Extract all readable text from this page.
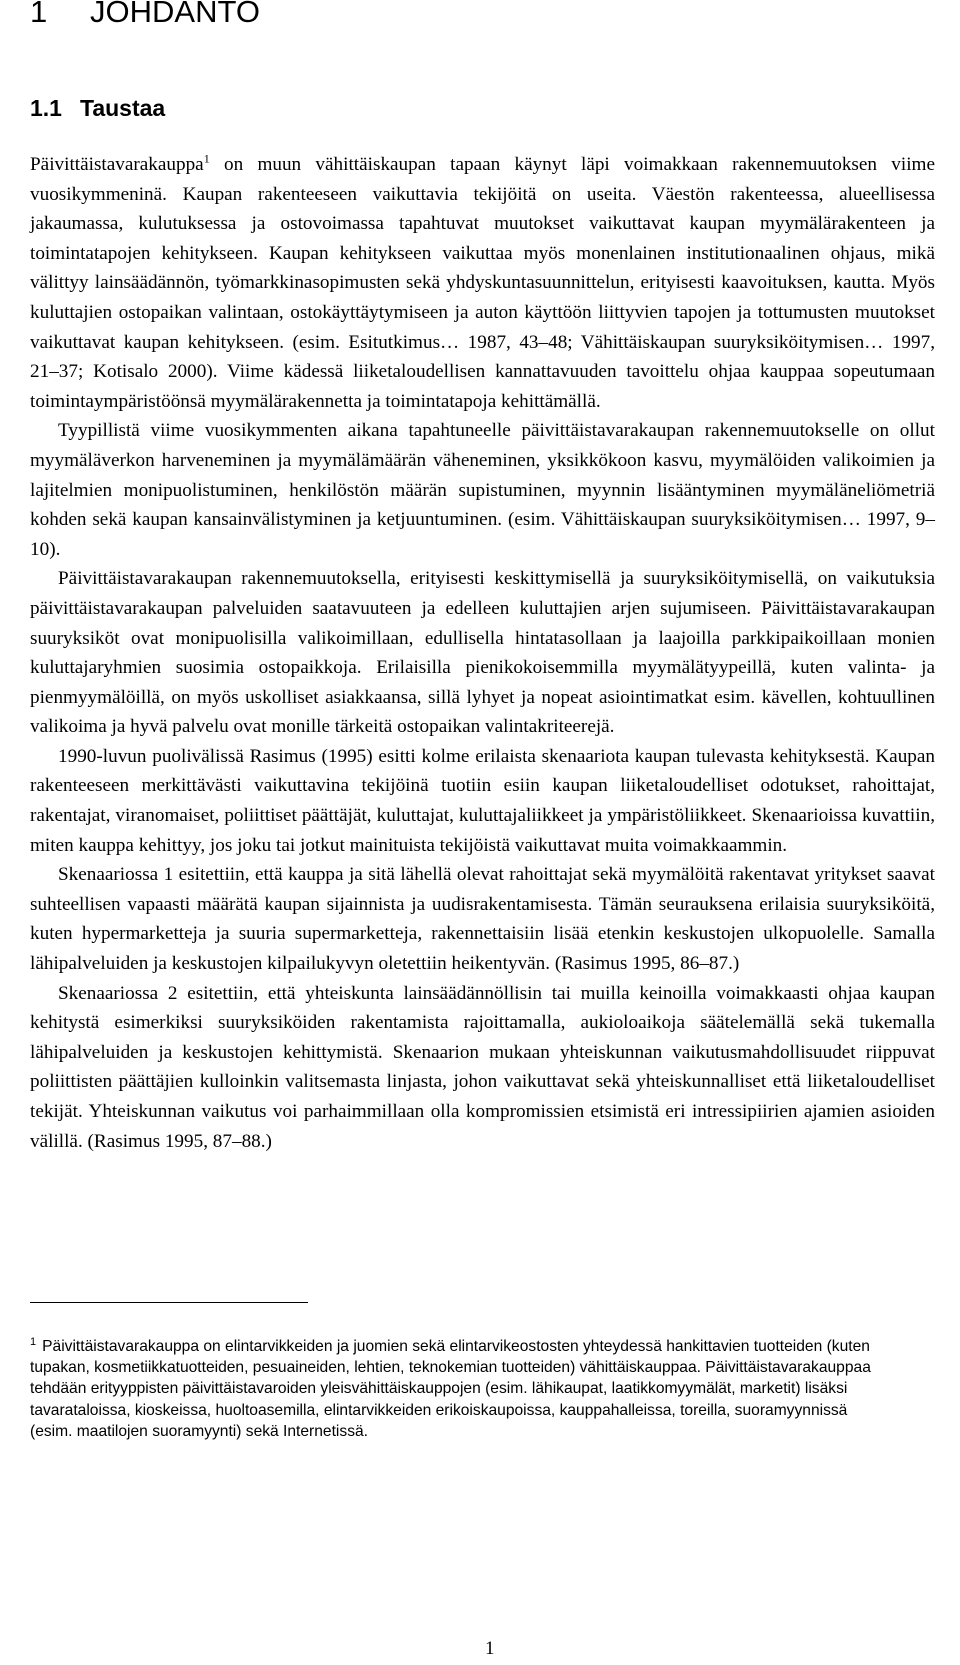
1 JOHDANTO
1.1 Taustaa

Päivittäistavarakauppa$^1$ on muun vähittäiskaupan tapaan käynyt läpi voimakkaan rakennemuutoksen viime vuosikymmeninä. Kaupan rakenteeseen vaikuttavia tekijöitä on useita. Väestön rakenteessa, alueellisessa jakaumassa, kulutuksessa ja ostovoimassa tapahtuvat muutokset vaikuttavat kaupan myymälärakenteen ja toimintatapojen kehitykseen. Kaupan kehitykseen vaikuttaa myös monenlainen institutionaalinen ohjaus, mikä välittyy lainsäädännön, työmarkkinasopimusten sekä yhdyskuntasuunnittelun, erityisesti kaavoituksen, kautta. Myös kuluttajien ostopaikan valintaan, ostokäyttäytymiseen ja auton käyttöön liittyvien tapojen ja tottumusten muutokset vaikuttavat kaupan kehitykseen. (esim. Esitutkimus… 1987, 43–48; Vähittäiskaupan suuryksiköitymisen… 1997, 21–37; Kotisalo 2000). Viime kädessä liiketaloudellisen kannattavuuden tavoittelu ohjaa kauppaa sopeutumaan toimintaympäristöönsä myymälärakennetta ja toimintatapoja kehittämällä.

Tyypillistä viime vuosikymmenten aikana tapahtuneelle päivittäistavarakaupan rakennemuutokselle on ollut myymäläverkon harveneminen ja myymälämäärän väheneminen, yksikkökoon kasvu, myymälöiden valikoimien ja lajitelmien monipuolistuminen, henkilöstön määrän supistuminen, myynnin lisääntyminen myymäläneliömetriä kohden sekä kaupan kansainvälistyminen ja ketjuuntuminen. (esim. Vähittäiskaupan suuryksiköitymisen… 1997, 9–10).

Päivittäistavarakaupan rakennemuutoksella, erityisesti keskittymisellä ja suuryksiköitymisellä, on vaikutuksia päivittäistavarakaupan palveluiden saatavuuteen ja edelleen kuluttajien arjen sujumiseen. Päivittäistavarakaupan suuryksiköt ovat monipuolisilla valikoimillaan, edullisella hintatasollaan ja laajoilla parkkipaikoillaan monien kuluttajaryhmien suosimia ostopaikkoja. Erilaisilla pienikokoisemmilla myymälätyypeillä, kuten valinta- ja pienmyymälöillä, on myös uskolliset asiakkaansa, sillä lyhyet ja nopeat asiointimatkat esim. kävellen, kohtuullinen valikoima ja hyvä palvelu ovat monille tärkeitä ostopaikan valintakriteerejä.

1990-luvun puolivälissä Rasimus (1995) esitti kolme erilaista skenaariota kaupan tulevasta kehityksestä. Kaupan rakenteeseen merkittävästi vaikuttavina tekijöinä tuotiin esiin kaupan liiketaloudelliset odotukset, rahoittajat, rakentajat, viranomaiset, poliittiset päättäjät, kuluttajat, kuluttajaliikkeet ja ympäristöliikkeet. Skenaarioissa kuvattiin, miten kauppa kehittyy, jos joku tai jotkut mainituista tekijöistä vaikuttavat muita voimakkaammin.

Skenaariossa 1 esitettiin, että kauppa ja sitä lähellä olevat rahoittajat sekä myymälöitä rakentavat yritykset saavat suhteellisen vapaasti määrätä kaupan sijainnista ja uudisrakentamisesta. Tämän seurauksena erilaisia suuryksiköitä, kuten hypermarketteja ja suuria supermarketteja, rakennettaisiin lisää etenkin keskustojen ulkopuolelle. Samalla lähipalveluiden ja keskustojen kilpailukyvyn oletettiin heikentyvän. (Rasimus 1995, 86–87.)

Skenaariossa 2 esitettiin, että yhteiskunta lainsäädännöllisin tai muilla keinoilla voimakkaasti ohjaa kaupan kehitystä esimerkiksi suuryksiköiden rakentamista rajoittamalla, aukioloaikoja säätelemällä sekä tukemalla lähipalveluiden ja keskustojen kehittymistä. Skenaarion mukaan yhteiskunnan vaikutusmahdollisuudet riippuvat poliittisten päättäjien kulloinkin valitsemasta linjasta, johon vaikuttavat sekä yhteiskunnalliset että liiketaloudelliset tekijät. Yhteiskunnan vaikutus voi parhaimmillaan olla kompromissien etsimistä eri intressipiirien ajamien asioiden välillä. (Rasimus 1995, 87–88.)

$^1$ Päivittäistavarakauppa on elintarvikkeiden ja juomien sekä elintarvikeostosten yhteydessä hankittavien tuotteiden (kuten tupakan, kosmetiikkatuotteiden, pesuaineiden, lehtien, teknokemian tuotteiden) vähittäiskauppaa. Päivittäistavarakauppaa tehdään erityyppisten päivittäistavaroiden yleisvähittäiskauppojen (esim. lähikaupat, laatikkomyymälät, marketit) lisäksi tavarataloissa, kioskeissa, huoltoasemilla, elintarvikkeiden erikoiskaupoissa, kauppahalleissa, toreilla, suoramyynnissä (esim. maatilojen suoramyynti) sekä Internetissä.
1
